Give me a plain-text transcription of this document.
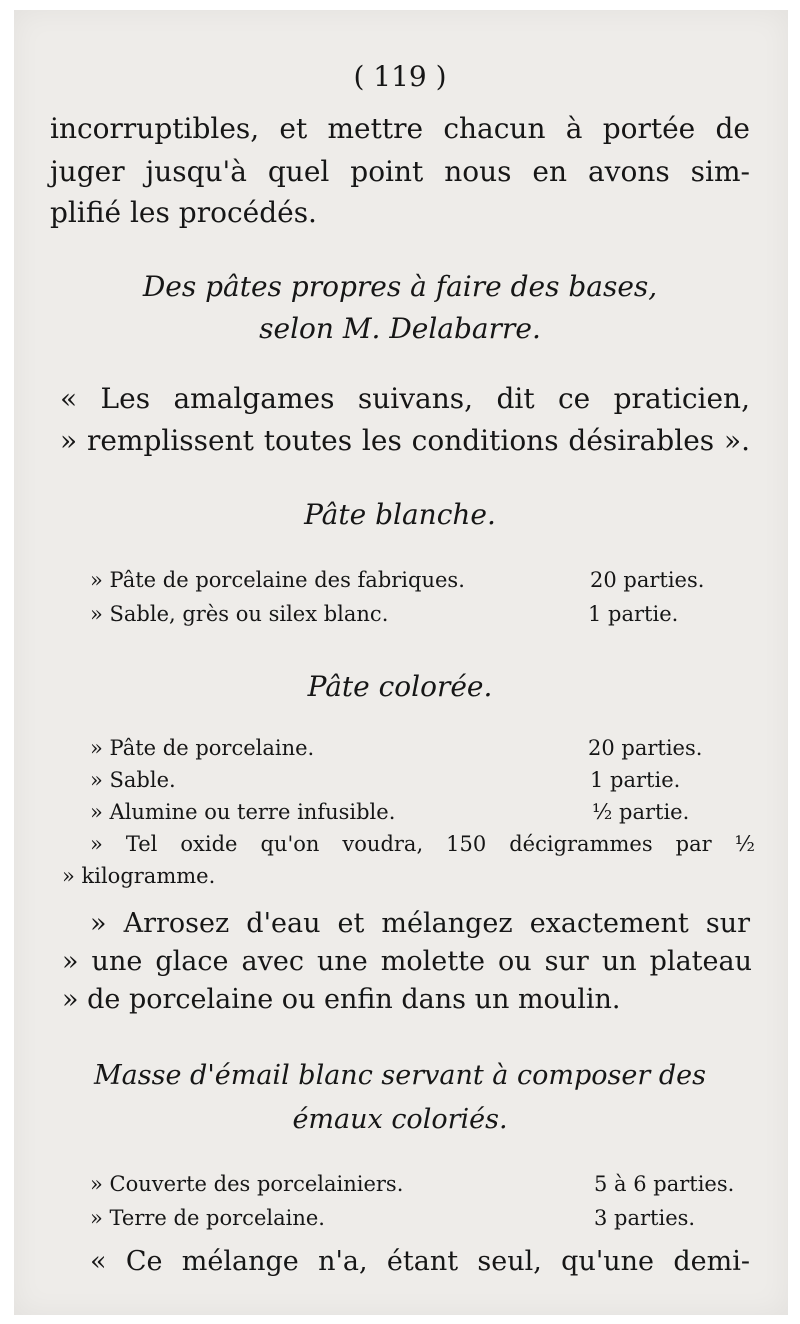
( 119 )
incorruptibles, et mettre chacun à portée de
juger jusqu'à quel point nous en avons sim-
plifié les procédés.
Des pâtes propres à faire des bases,
selon M. Delabarre.
« Les amalgames suivans, dit ce praticien,
» remplissent toutes les conditions désirables ».
Pâte blanche.
» Pâte de porcelaine des fabriques.	20 parties.
» Sable, grès ou silex blanc.	1 partie.
Pâte colorée.
» Pâte de porcelaine.	20 parties.
» Sable.	1 partie.
» Alumine ou terre infusible.	½ partie.
» Tel oxide qu'on voudra, 150 décigrammes par ½
» kilogramme.
» Arrosez d'eau et mélangez exactement sur
» une glace avec une molette ou sur un plateau
» de porcelaine ou enfin dans un moulin.
Masse d'émail blanc servant à composer des
émaux coloriés.
» Couverte des porcelainiers.	5 à 6 parties.
» Terre de porcelaine.	3 parties.
« Ce mélange n'a, étant seul, qu'une demi-
